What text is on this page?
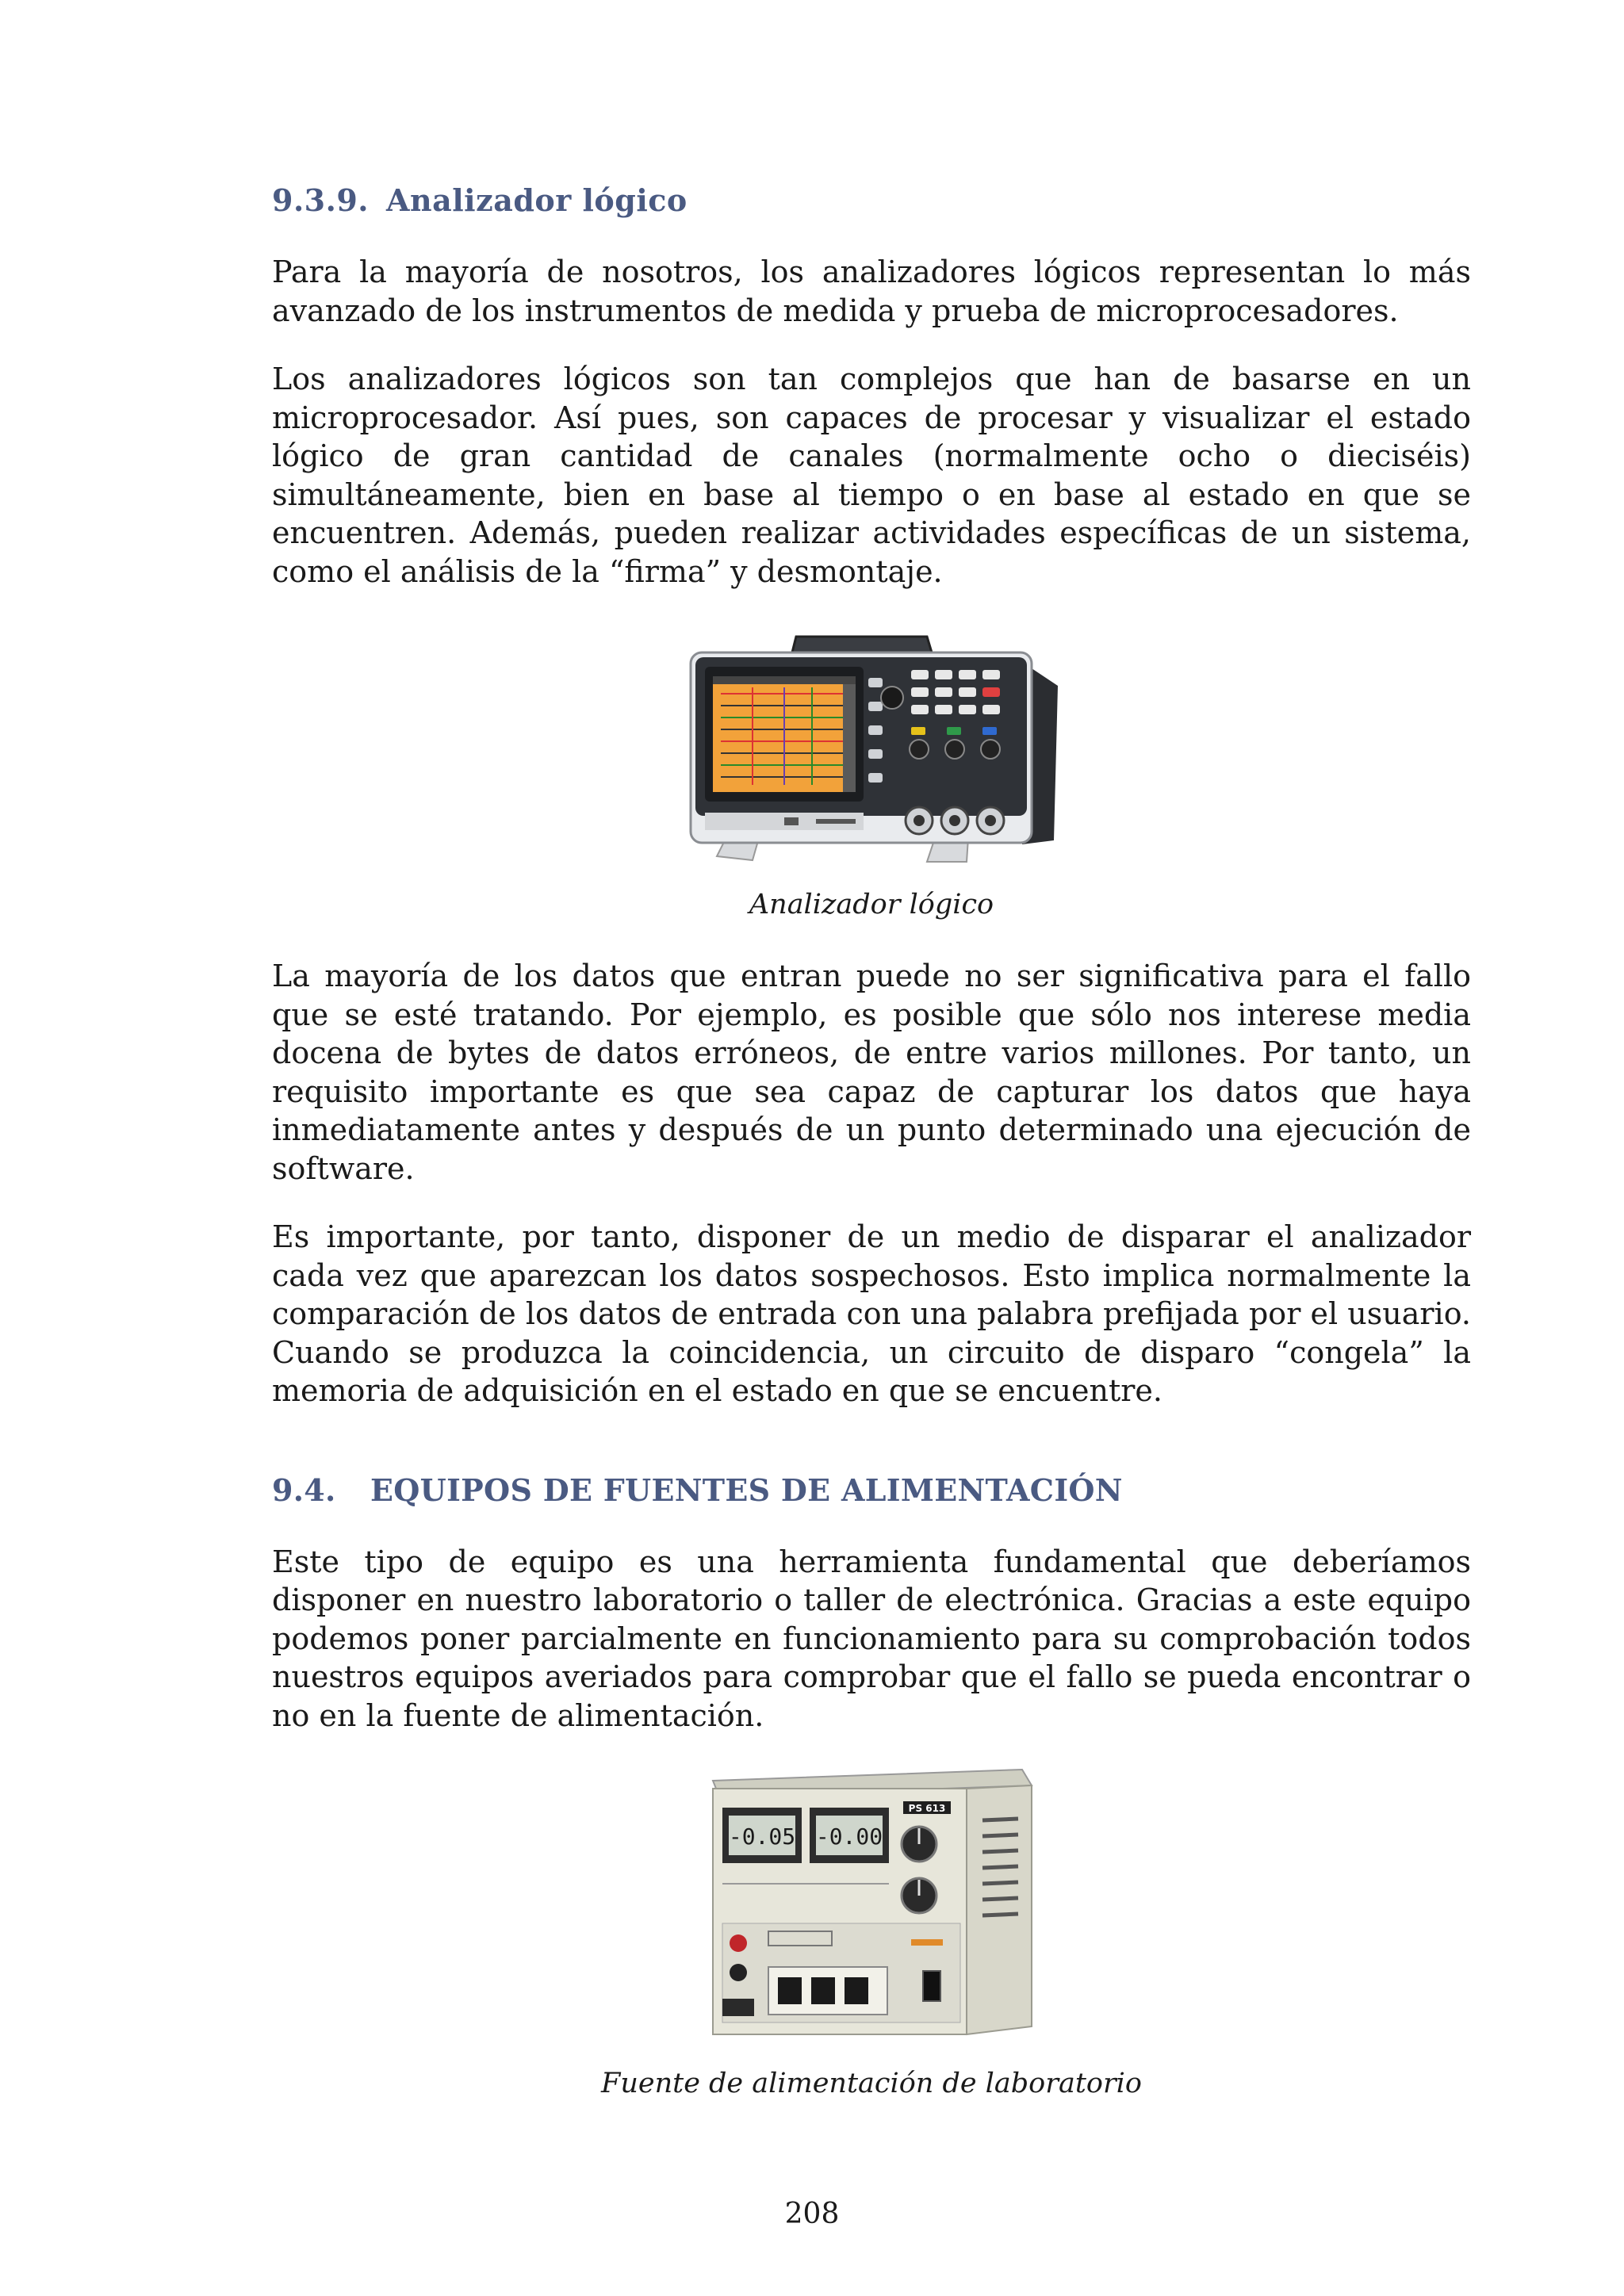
9.3.9. Analizador lógico

Para la mayoría de nosotros, los analizadores lógicos representan lo más avanzado de los instrumentos de medida y prueba de microprocesadores.

Los analizadores lógicos son tan complejos que han de basarse en un microprocesador. Así pues, son capaces de procesar y visualizar el estado lógico de gran cantidad de canales (normalmente ocho o dieciséis) simultáneamente, bien en base al tiempo o en base al estado en que se encuentren. Además, pueden realizar actividades específicas de un sistema, como el análisis de la “firma” y desmontaje.

Analizador lógico

La mayoría de los datos que entran puede no ser significativa para el fallo que se esté tratando. Por ejemplo, es posible que sólo nos interese media docena de bytes de datos erróneos, de entre varios millones. Por tanto, un requisito importante es que sea capaz de capturar los datos que haya inmediatamente antes y después de un punto determinado una ejecución de software.

Es importante, por tanto, disponer de un medio de disparar el analizador cada vez que aparezcan los datos sospechosos. Esto implica normalmente la comparación de los datos de entrada con una palabra prefijada por el usuario. Cuando se produzca la coincidencia, un circuito de disparo “congela” la memoria de adquisición en el estado en que se encuentre.

9.4. EQUIPOS DE FUENTES DE ALIMENTACIÓN

Este tipo de equipo es una herramienta fundamental que deberíamos disponer en nuestro laboratorio o taller de electrónica. Gracias a este equipo podemos poner parcialmente en funcionamiento para su comprobación todos nuestros equipos averiados para comprobar que el fallo se pueda encontrar o no en la fuente de alimentación.

-0.05 -0.00
PS 613

Fuente de alimentación de laboratorio

208
